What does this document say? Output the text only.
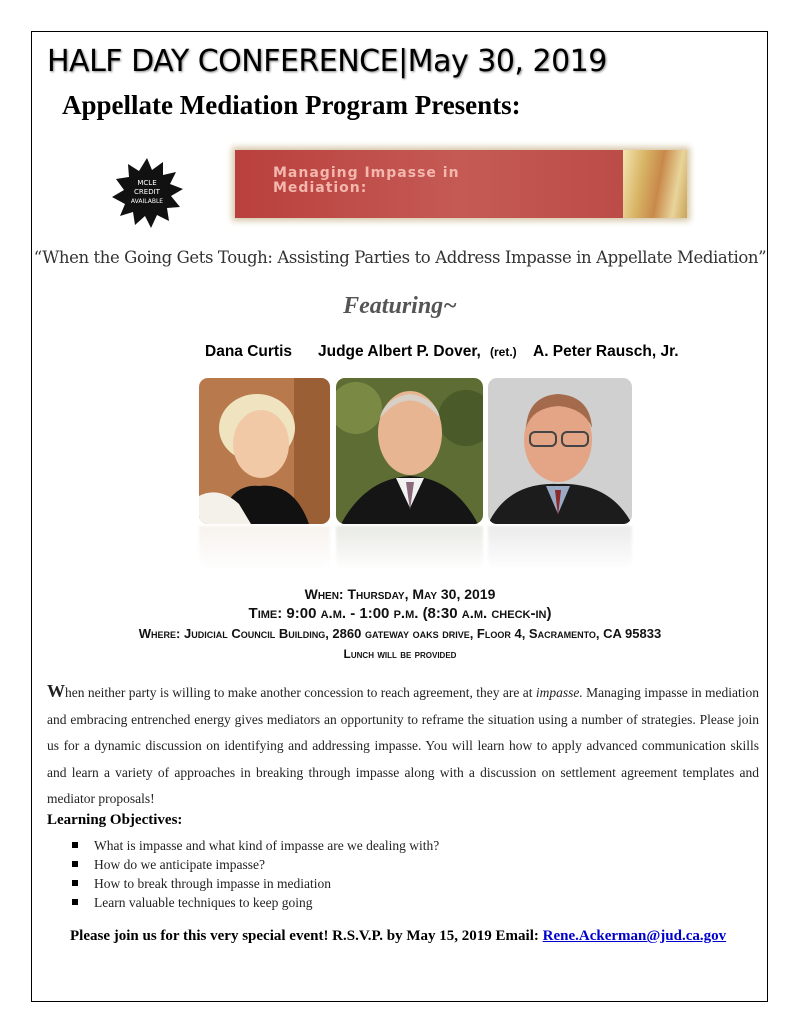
HALF DAY CONFERENCE|May 30, 2019
Appellate Mediation Program Presents:
MCLE
CREDIT
AVAILABLE
Managing Impasse in
Mediation:
“When the Going Gets Tough: Assisting Parties to Address Impasse in Appellate Mediation”
Featuring~
Dana Curtis Judge Albert P. Dover, (ret.) A. Peter Rausch, Jr.
When: Thursday, May 30, 2019
Time: 9:00 a.m. - 1:00 p.m. (8:30 a.m. check-in)
Where: Judicial Council Building, 2860 gateway oaks drive, Floor 4, Sacramento, CA 95833
Lunch will be provided
When neither party is willing to make another concession to reach agreement, they are at impasse. Managing impasse in mediation and embracing entrenched energy gives mediators an opportunity to reframe the situation using a number of strategies. Please join us for a dynamic discussion on identifying and addressing impasse. You will learn how to apply advanced communication skills and learn a variety of approaches in breaking through impasse along with a discussion on settlement agreement templates and mediator proposals!
Learning Objectives:
What is impasse and what kind of impasse are we dealing with?
How do we anticipate impasse?
How to break through impasse in mediation
Learn valuable techniques to keep going
Please join us for this very special event! R.S.V.P. by May 15, 2019 Email: Rene.Ackerman@jud.ca.gov
